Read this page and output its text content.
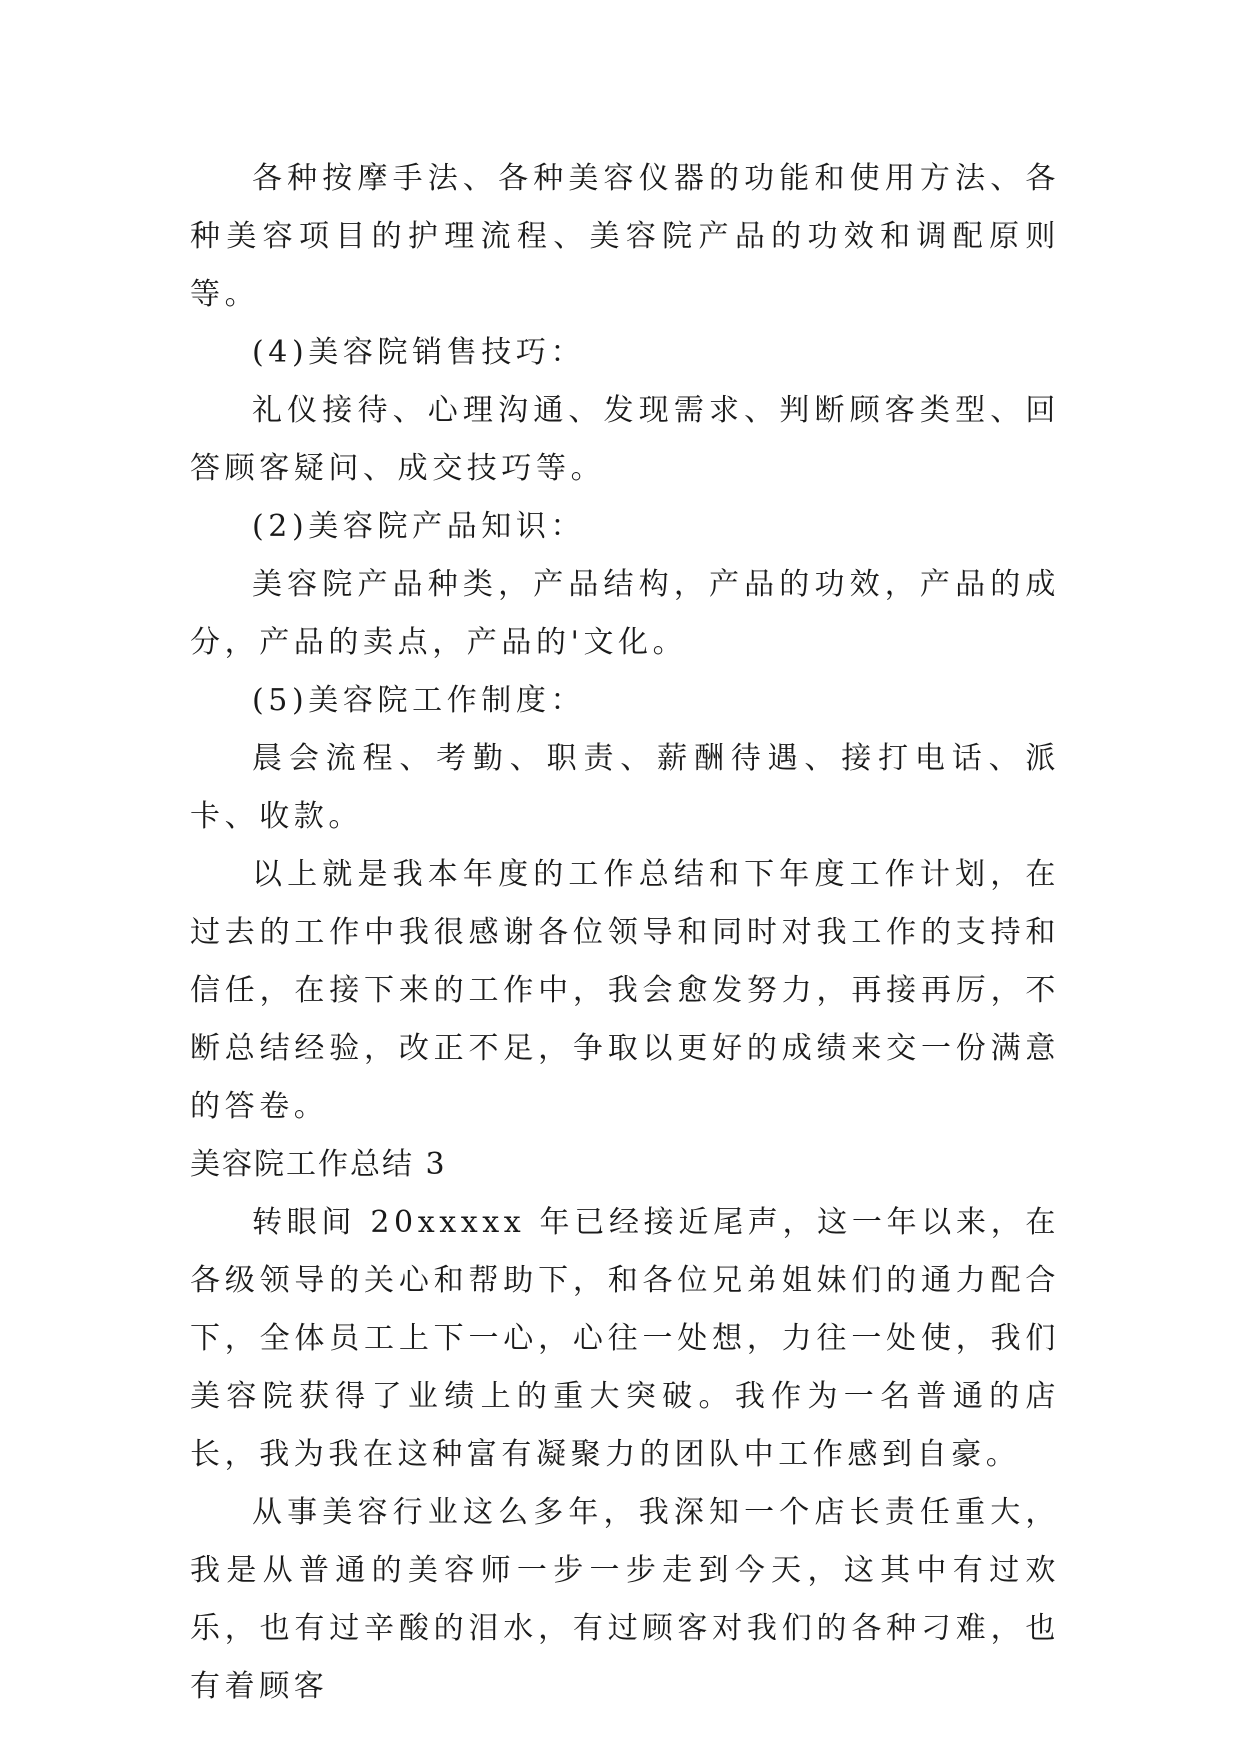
各种按摩手法、各种美容仪器的功能和使用方法、各种美容项目的护理流程、美容院产品的功效和调配原则等。

(4)美容院销售技巧：

礼仪接待、心理沟通、发现需求、判断顾客类型、回答顾客疑问、成交技巧等。

(2)美容院产品知识：

美容院产品种类，产品结构，产品的功效，产品的成分，产品的卖点，产品的'文化。

(5)美容院工作制度：

晨会流程、考勤、职责、薪酬待遇、接打电话、派卡、收款。

以上就是我本年度的工作总结和下年度工作计划，在过去的工作中我很感谢各位领导和同时对我工作的支持和信任，在接下来的工作中，我会愈发努力，再接再厉，不断总结经验，改正不足，争取以更好的成绩来交一份满意的答卷。

美容院工作总结 3

转眼间 20xxxxx 年已经接近尾声，这一年以来，在各级领导的关心和帮助下，和各位兄弟姐妹们的通力配合下，全体员工上下一心，心往一处想，力往一处使，我们美容院获得了业绩上的重大突破。我作为一名普通的店长，我为我在这种富有凝聚力的团队中工作感到自豪。

从事美容行业这么多年，我深知一个店长责任重大，我是从普通的美容师一步一步走到今天，这其中有过欢乐，也有过辛酸的泪水，有过顾客对我们的各种刁难，也有着顾客
